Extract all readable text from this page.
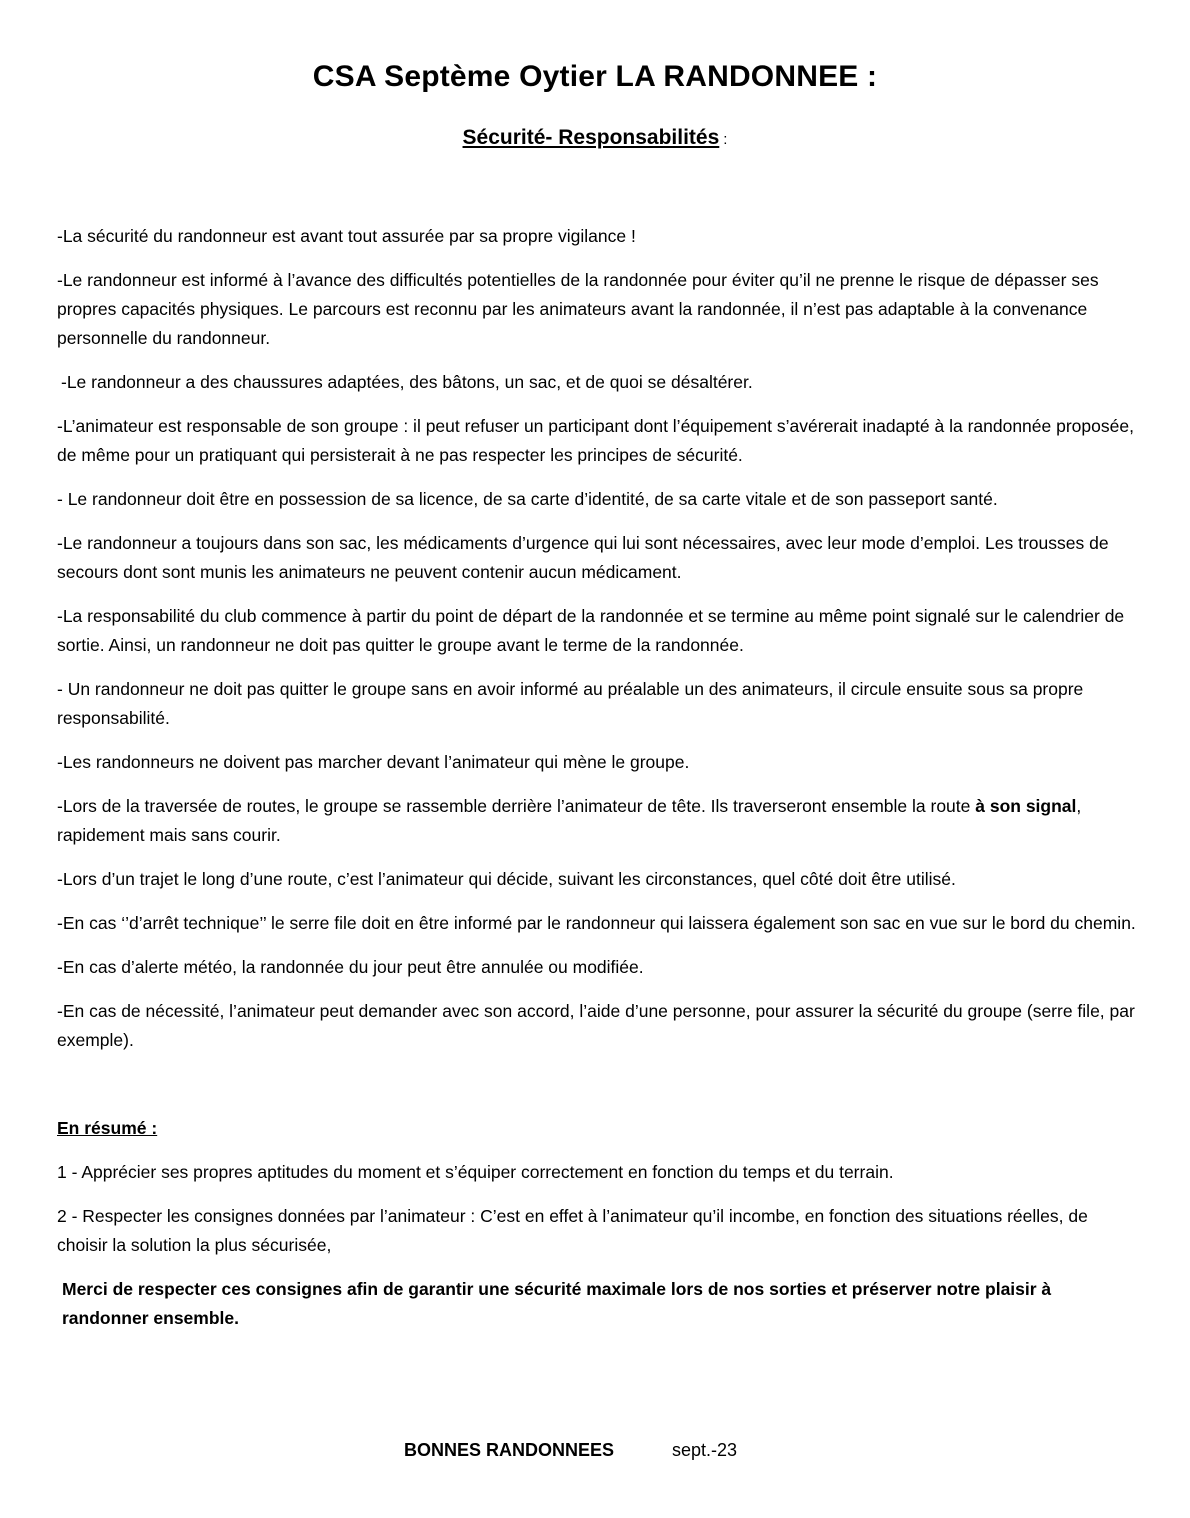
CSA Septème Oytier LA RANDONNEE :
Sécurité- Responsabilités :

-La sécurité du randonneur est avant tout assurée par sa propre vigilance !

-Le randonneur est informé à l’avance des difficultés potentielles de la randonnée pour éviter qu’il ne prenne le risque de dépasser ses propres capacités physiques. Le parcours est reconnu par les animateurs avant la randonnée, il n’est pas adaptable à la convenance personnelle du randonneur.

-Le randonneur a des chaussures adaptées, des bâtons, un sac, et de quoi se désaltérer.

-L’animateur est responsable de son groupe : il peut refuser un participant dont l’équipement s’avérerait inadapté à la randonnée proposée, de même pour un pratiquant qui persisterait à ne pas respecter les principes de sécurité.

- Le randonneur doit être en possession de sa licence, de sa carte d’identité, de sa carte vitale et de son passeport santé.

-Le randonneur a toujours dans son sac, les médicaments d’urgence qui lui sont nécessaires, avec leur mode d’emploi. Les trousses de secours dont sont munis les animateurs ne peuvent contenir aucun médicament.

-La responsabilité du club commence à partir du point de départ de la randonnée et se termine au même point signalé sur le calendrier de sortie. Ainsi, un randonneur ne doit pas quitter le groupe avant le terme de la randonnée.

- Un randonneur ne doit pas quitter le groupe sans en avoir informé au préalable un des animateurs, il circule ensuite sous sa propre responsabilité.

-Les randonneurs ne doivent pas marcher devant l’animateur qui mène le groupe.

-Lors de la traversée de routes, le groupe se rassemble derrière l’animateur de tête. Ils traverseront ensemble la route à son signal, rapidement mais sans courir.

-Lors d’un trajet le long d’une route, c’est l’animateur qui décide, suivant les circonstances, quel côté doit être utilisé.

-En cas ‘’d’arrêt technique’’ le serre file doit en être informé par le randonneur qui laissera également son sac en vue sur le bord du chemin.

-En cas d’alerte météo, la randonnée du jour peut être annulée ou modifiée.

-En cas de nécessité, l’animateur peut demander avec son accord, l’aide d’une personne, pour assurer la sécurité du groupe (serre file, par exemple).

En résumé :

1 - Apprécier ses propres aptitudes du moment et s’équiper correctement en fonction du temps et du terrain.

2 - Respecter les consignes données par l’animateur : C’est en effet à l’animateur qu’il incombe, en fonction des situations réelles, de choisir la solution la plus sécurisée,

Merci de respecter ces consignes afin de garantir une sécurité maximale lors de nos sorties et préserver notre plaisir à randonner ensemble.

BONNES RANDONNEES	sept.-23
